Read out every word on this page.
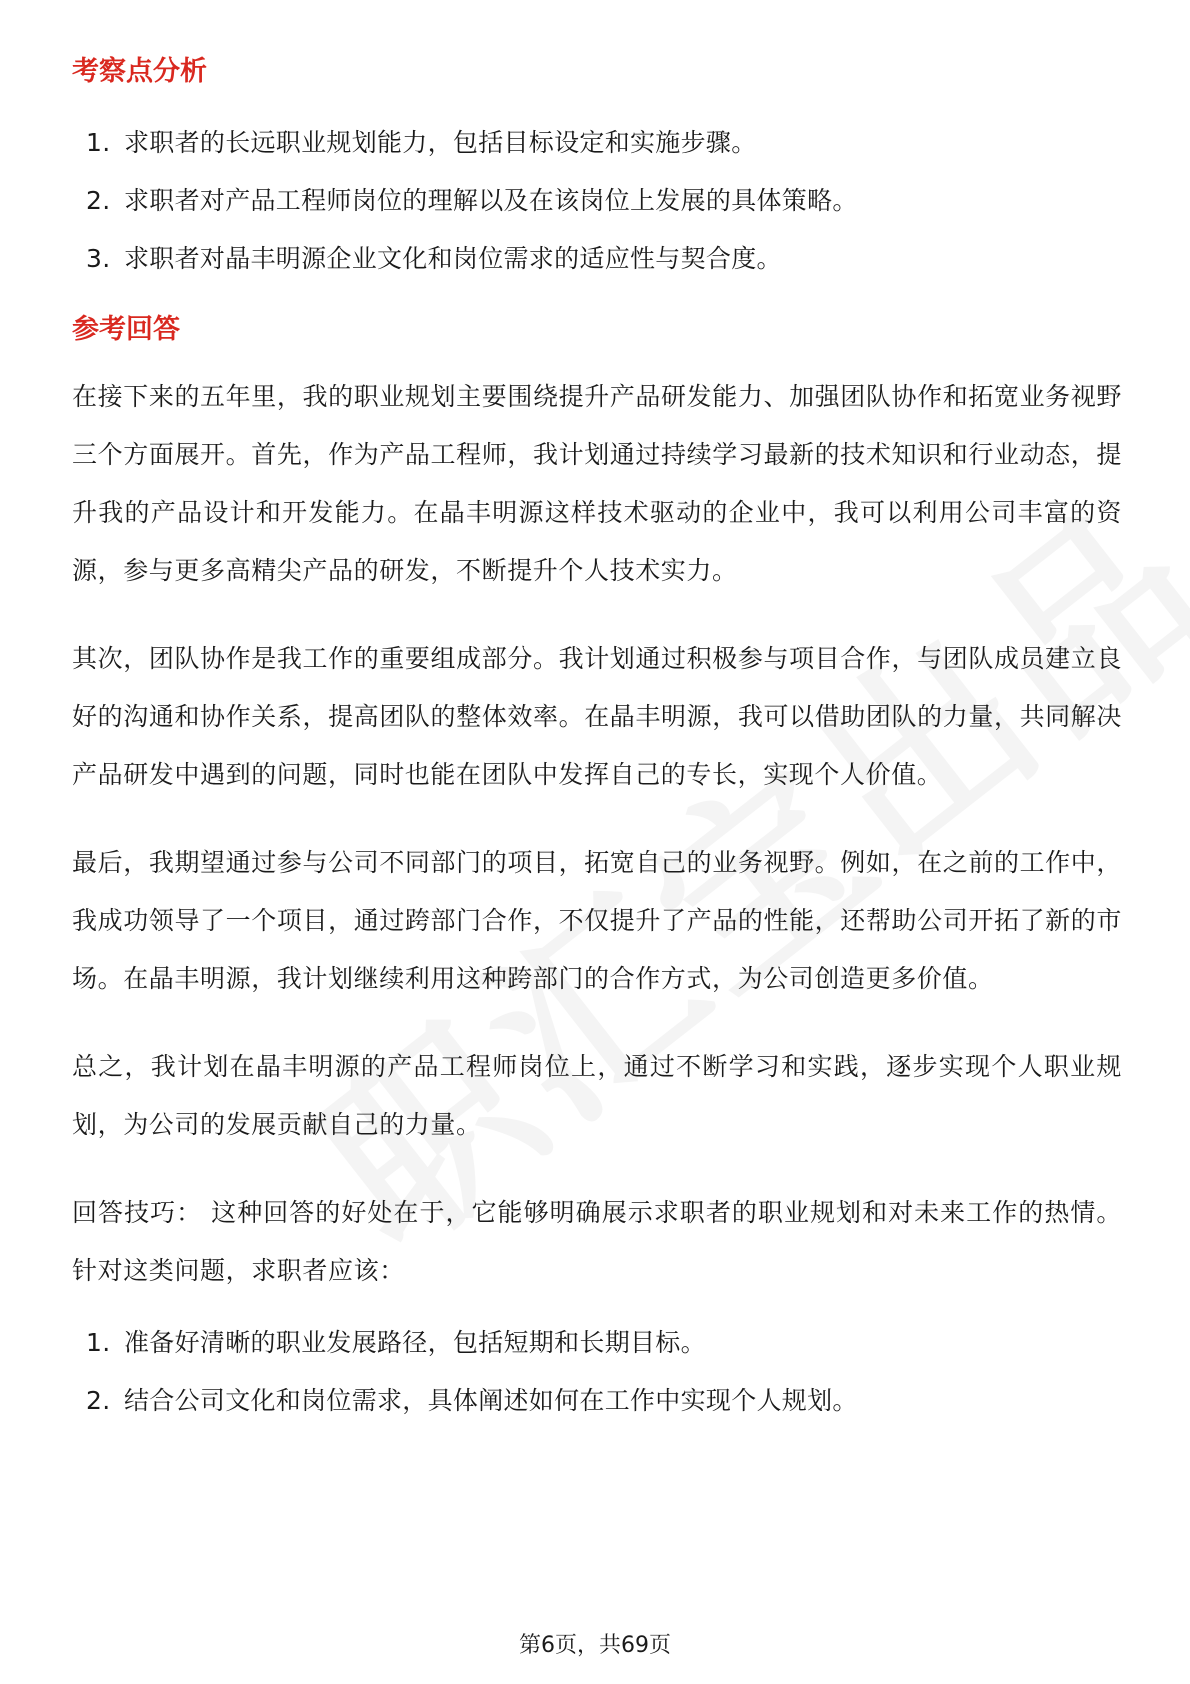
考察点分析
1. 求职者的长远职业规划能力，包括目标设定和实施步骤。
2. 求职者对产品工程师岗位的理解以及在该岗位上发展的具体策略。
3. 求职者对晶丰明源企业文化和岗位需求的适应性与契合度。
参考回答

在接下来的五年里，我的职业规划主要围绕提升产品研发能力、加强团队协作和拓宽业务视野三个方面展开。首先，作为产品工程师，我计划通过持续学习最新的技术知识和行业动态，提升我的产品设计和开发能力。在晶丰明源这样技术驱动的企业中，我可以利用公司丰富的资源，参与更多高精尖产品的研发，不断提升个人技术实力。

其次，团队协作是我工作的重要组成部分。我计划通过积极参与项目合作，与团队成员建立良好的沟通和协作关系，提高团队的整体效率。在晶丰明源，我可以借助团队的力量，共同解决产品研发中遇到的问题，同时也能在团队中发挥自己的专长，实现个人价值。

最后，我期望通过参与公司不同部门的项目，拓宽自己的业务视野。例如，在之前的工作中，我成功领导了一个项目，通过跨部门合作，不仅提升了产品的性能，还帮助公司开拓了新的市场。在晶丰明源，我计划继续利用这种跨部门的合作方式，为公司创造更多价值。

总之，我计划在晶丰明源的产品工程师岗位上，通过不断学习和实践，逐步实现个人职业规划，为公司的发展贡献自己的力量。

回答技巧： 这种回答的好处在于，它能够明确展示求职者的职业规划和对未来工作的热情。针对这类问题，求职者应该：

1. 准备好清晰的职业发展路径，包括短期和长期目标。
2. 结合公司文化和岗位需求，具体阐述如何在工作中实现个人规划。
第6页，共69页
